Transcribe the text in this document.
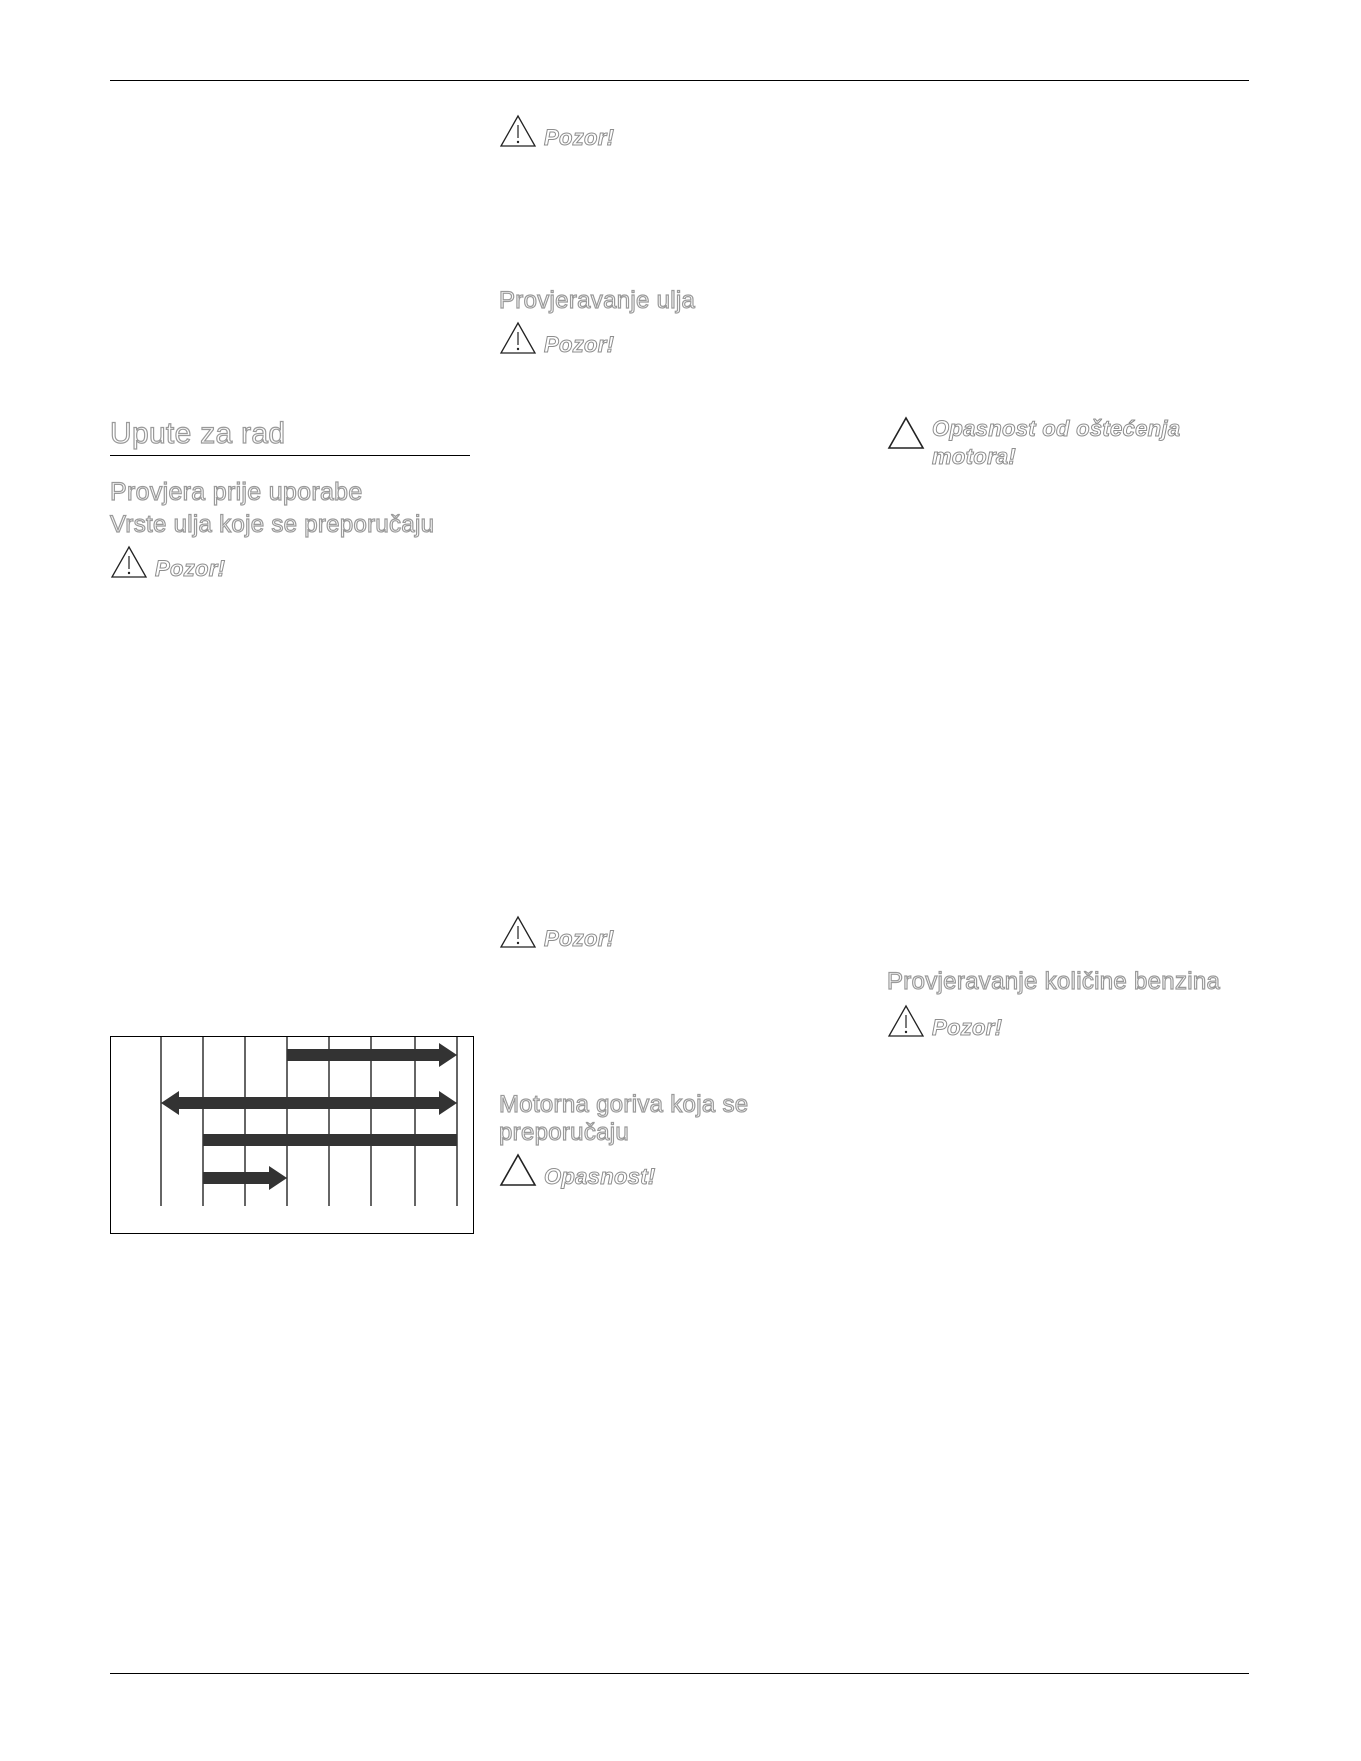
Upute za rad
Provjera prije uporabe
Vrste ulja koje se preporučaju
Pozor!
Pozor!
Provjeravanje ulja
Pozor!
Pozor!
Motorna goriva koja se
preporučaju
Opasnost!
Opasnost od oštećenja
motora!
Provjeravanje količine benzina
Pozor!
